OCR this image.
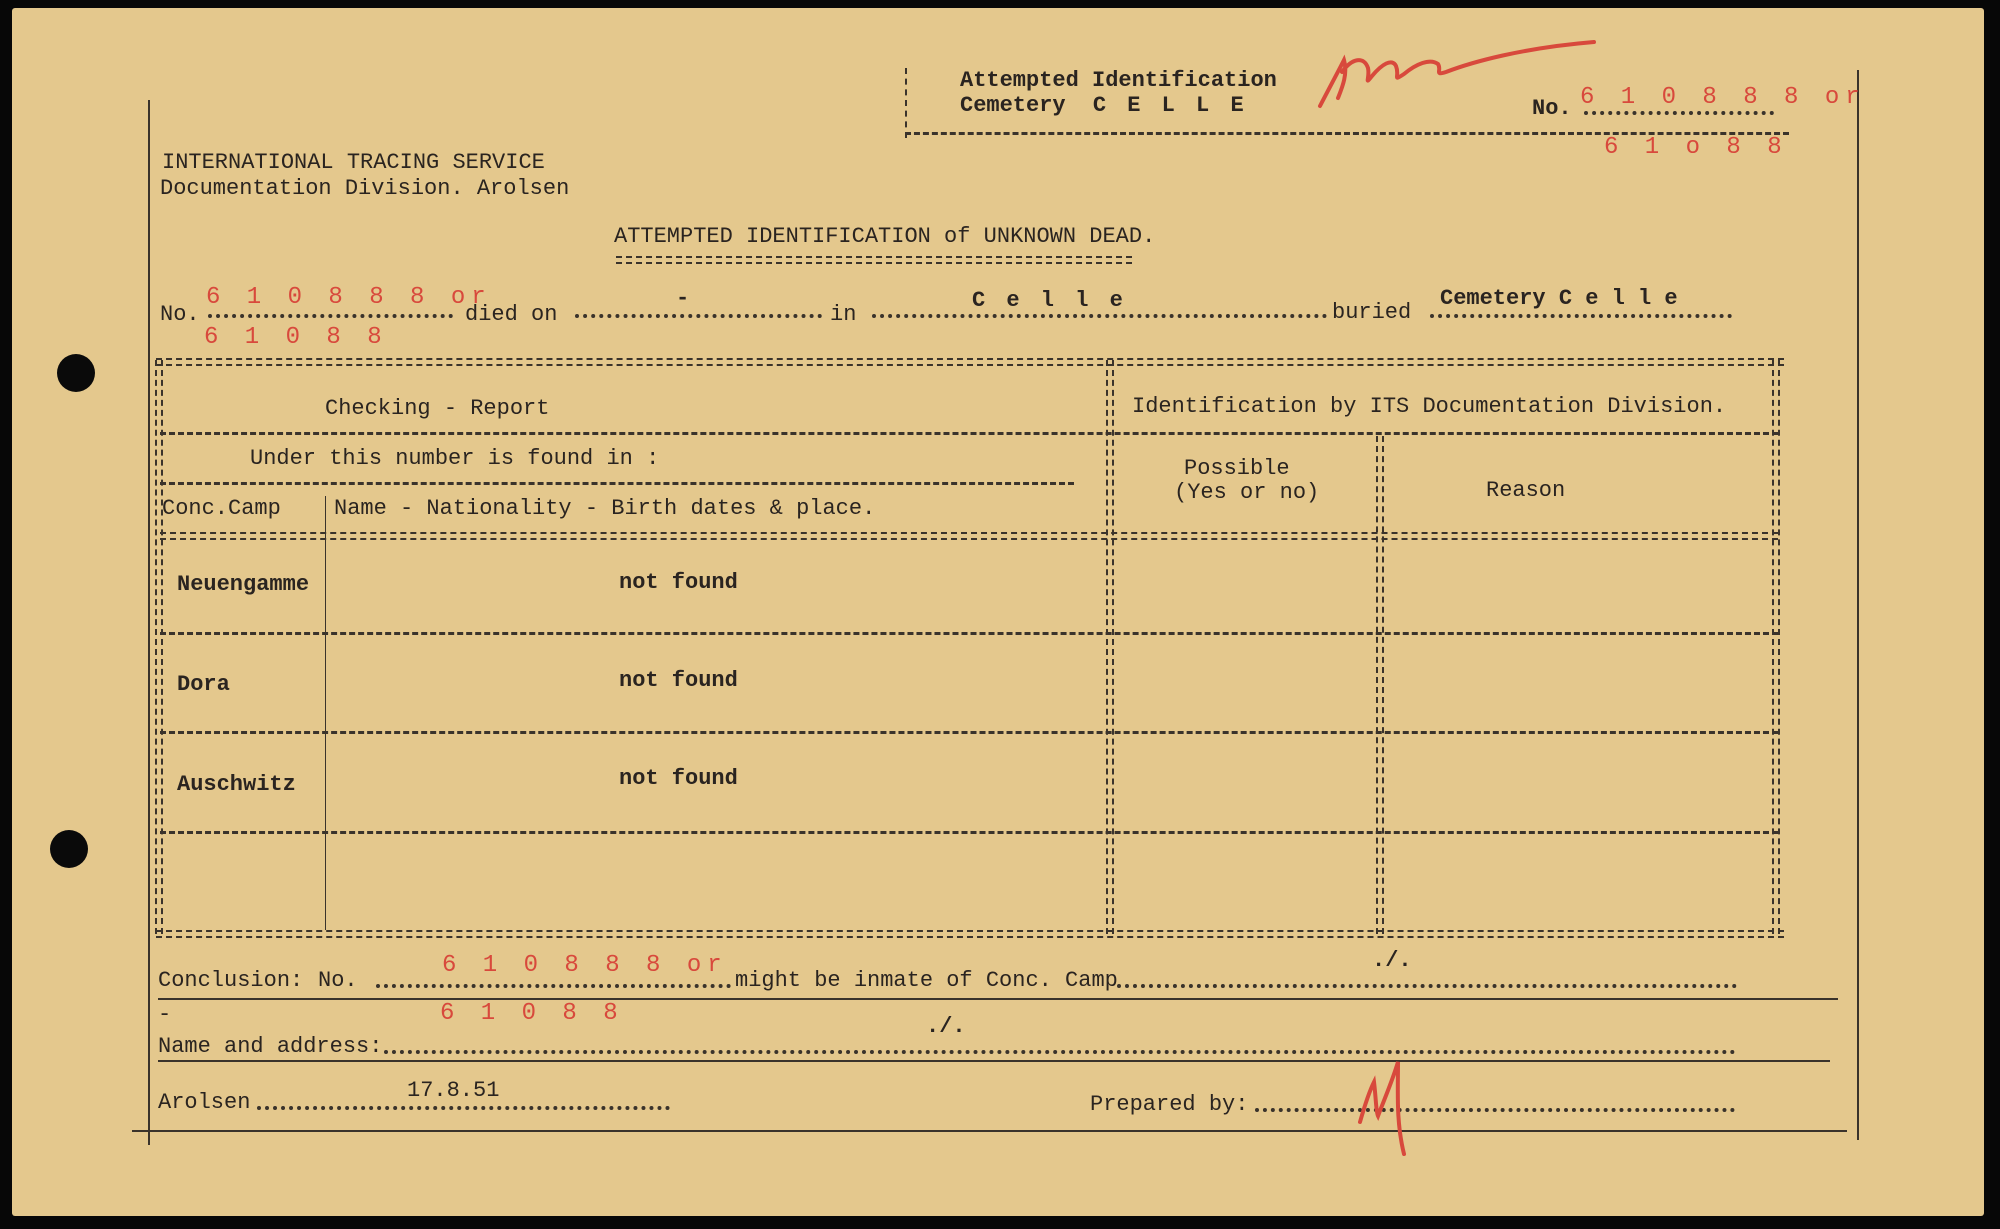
Attempted Identification
Cemetery C E L L E	No. 6 1 0 8 8 8 or
6 1 o 8 8
INTERNATIONAL TRACING SERVICE
Documentation Division. Arolsen
ATTEMPTED IDENTIFICATION of UNKNOWN DEAD.
No.
6 1 0 8 8 8 or
6 1 0 8 8
died on
-
in
C e l l e	buried
Cemetery C e l l e
Checking - Report	Identification by ITS Documentation Division.
Under this number is found in :
Conc.Camp Name - Nationality - Birth dates & place.
Possible
(Yes or no)	Reason
Neuengamme	not found
Dora	not found
Auschwitz	not found
Conclusion: No.
6 1 0 8 8 8 or
6 1 0 8 8
might be inmate of Conc. Camp
./.
-
Name and address:
./.
Arolsen	17.8.51
Prepared by:
